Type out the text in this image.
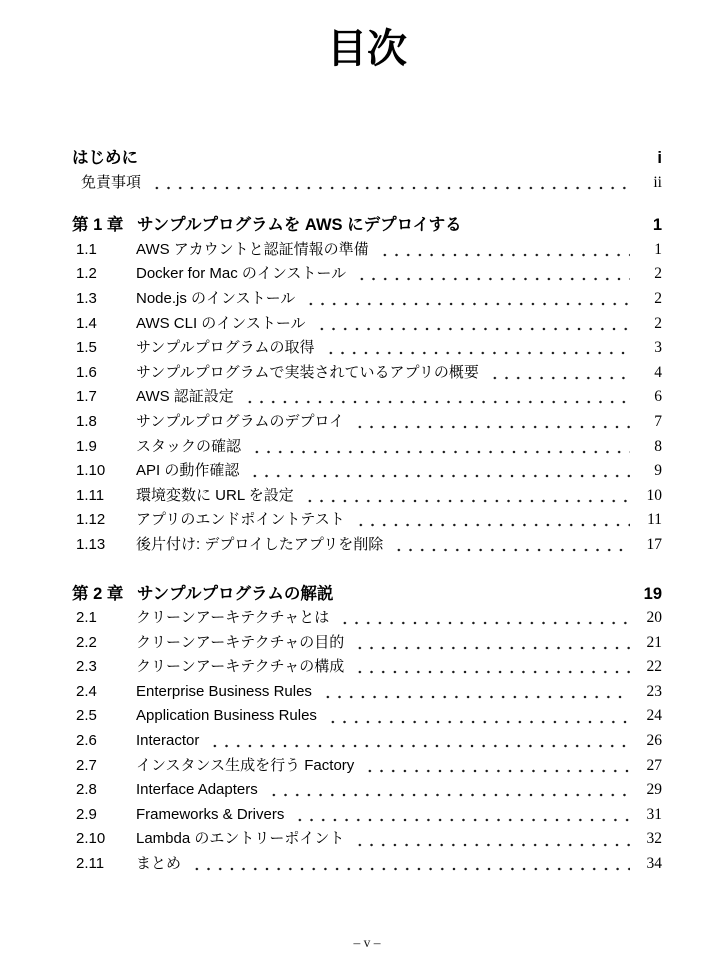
目次
はじめに	i
免責事項	ii
第 1 章 サンプルプログラムを AWS にデプロイする	1
1.1	AWS アカウントと認証情報の準備	1
1.2	Docker for Mac のインストール	2
1.3	Node.js のインストール	2
1.4	AWS CLI のインストール	2
1.5	サンプルプログラムの取得	3
1.6	サンプルプログラムで実装されているアプリの概要	4
1.7	AWS 認証設定	6
1.8	サンプルプログラムのデプロイ	7
1.9	スタックの確認	8
1.10	API の動作確認	9
1.11	環境変数に URL を設定	10
1.12	アプリのエンドポイントテスト	11
1.13	後片付け: デプロイしたアプリを削除	17
第 2 章 サンプルプログラムの解説	19
2.1	クリーンアーキテクチャとは	20
2.2	クリーンアーキテクチャの目的	21
2.3	クリーンアーキテクチャの構成	22
2.4	Enterprise Business Rules	23
2.5	Application Business Rules	24
2.6	Interactor	26
2.7	インスタンス生成を行う Factory	27
2.8	Interface Adapters	29
2.9	Frameworks & Drivers	31
2.10	Lambda のエントリーポイント	32
2.11	まとめ	34
– v –
